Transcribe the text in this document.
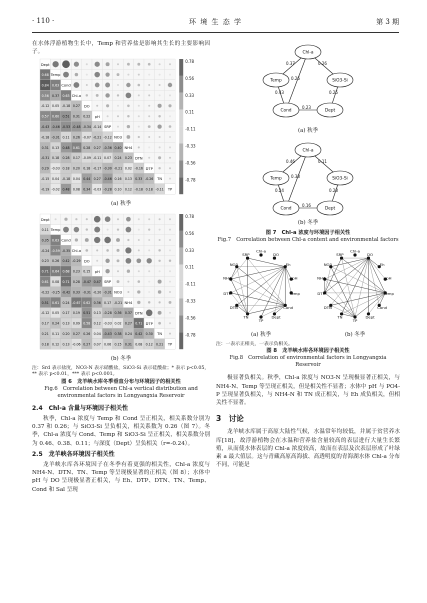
· 110 ·	环 境 生 态 学	第 3 期

在水体浮游植物生长中，Temp 和营养盐是影响其生长的主要影响因子。

Dept
0.68 Temp
0.84 0.63 Cond
0.56 0.37 0.63 Chl-a
-0.12 0.05 -0.18 0.27 DO
0.57 0.60 0.51 0.31 0.22 pH
-0.43 -0.46 -0.53 -0.48 -0.34 -0.14 SRP
-0.18 -0.31 0.11 0.26 -0.07 -0.21 -0.12 NO3
0.31 0.13 0.48 0.61 0.28 0.27 -0.36 0.40 NH4
-0.31 0.18 0.28 0.17 -0.09 -0.11 0.07 0.24 0.23 DTN
0.29 -0.03 0.18 0.20 0.18 -0.17 -0.30 -0.21 0.02 -0.16 DTP
-0.15 0.04 -0.18 0.04 0.44 0.27 -0.46 0.16 0.13 0.33 -0.26 TN
-0.19 -0.02 0.48 0.08 0.34 -0.03 -0.28 0.10 0.12 -0.18 0.18 -0.11 TP
0.78
0.56
0.33
0.11
-0.11
-0.33
-0.56
-0.78
(a) 秋季
Dept
0.11 Temp
0.35 0.63 Cond
-0.24 -0.59 -0.35 Chl-a
0.23 0.26 0.42 -0.29 DO
0.71 0.64 0.68 0.23 0.15 pH
0.61 0.08 0.71 0.28 -0.47 0.47 SRP
-0.22 -0.25 -0.42 0.33 -0.31 -0.20 -0.31 NO3
0.51 0.61 0.24 -0.67 0.62 0.36 0.17 -0.21 NH4
-0.12 0.05 0.17 0.19 0.51 0.13 -0.28 0.36 0.37 DTN
0.17 0.24 0.13 0.09 0.58 0.12 -0.03 0.02 0.27 0.71 DTP
0.21 0.11 0.20 0.27 0.26 0.04 -0.43 0.38 0.24 0.42 0.30 TN
0.18 0.12 0.13 -0.06 0.27 0.07 0.06 0.15 0.31 0.08 0.12 0.21 TP
0.78
0.56
0.33
0.11
-0.11
-0.33
-0.56
-0.78
(b) 冬季
注：Srd 表示盐度，NO3-N 表示硝酸盐，SiO3-Si 表示硅酸盐；* 表示 p<0.05，** 表示 p<0.01，*** 表示 p<0.001。
图 6　龙羊峡水库冬季垂直分布与环境因子的相关性
Fig.6　Correlation between Chl-a vertical distribution and environmental factors in Longyangxia Reservoir
2.4　Chl-a 含量与环境因子相关性

秋季，Chl-a 浓度与 Temp 和 Cond 呈正相关，相关系数分别为 0.37 和 0.26；与 SiO3-Si 呈负相关，相关系数为 0.26（图 7）。冬季，Chl-a 浓度与 Cond、Temp 和 SiO3-Si 呈正相关，相关系数分别为 0.46、0.38、0.11；与深度（Dept）呈负相关（r=-0.24）。

2.5　龙羊峡各环境因子相关性

龙羊峡水库各环境因子在冬季有着更强的相关性，Chl-a 浓度与 NH4-N、DTN、TN、Temp 等呈现极显著的正相关（图 8）；水体中 pH 与 DO 呈现极显著正相关，与 Eh、DTP、DTN、TN、Temp、Cond 和 Sal 呈现

0.37
0.26
0.26
0.43
0.23
0.25
Chl-a
Temp	SiO3-Si
Cond	Dept
(a) 秋季
0.46
0.38
0.11
0.24
0.16
0.28
Chl-a
Temp	SiO3-Si
Cond	Dept
(b) 冬季
图 7　Chl-a 浓度与环境因子相关性
Fig.7　Correlation between Chl-a content and environmental factors
Chl-a
DO
Eh
pH
Temp
Cond
Dept
TP
TN
DTN
DTP
NH4
NO3
SRP
(a) 秋季
Chl-a
DO
Eh
pH
Temp
Cond
Dept
TP
TN
DTN
DTP
NH4
NO3
SRP
(b) 冬季
注：一表示正相关，一表示负相关。
图 8　龙羊峡水库各环境因子相关性
Fig.8　Correlation of environmental factors in Longyangxia Reservoir

极显著负相关。秋季，Chl-a 浓度与 NO3-N 呈现极显著正相关，与 NH4-N、Temp 等呈现正相关，但是相关性不显著；水体中 pH 与 PO4-P 呈现显著负相关，与 NH4-N 和 TN 成正相关，与 Eh 成负相关，但相关性不显著。

3　讨论

龙羊峡水库属于高原大陆性气候，水温常年均较低，并属于贫营养水库[18]，故浮游植物会在水温和营养盐含量较高的表层进行大量生长繁殖，从而使水体表层的 Chl-a 浓度较高，故而在表层及次表层形成了叶绿素 a 最大值层。这与青藏高原高海拔、高透明度的青海湖水体 Chl-a 分布不同，可能是
